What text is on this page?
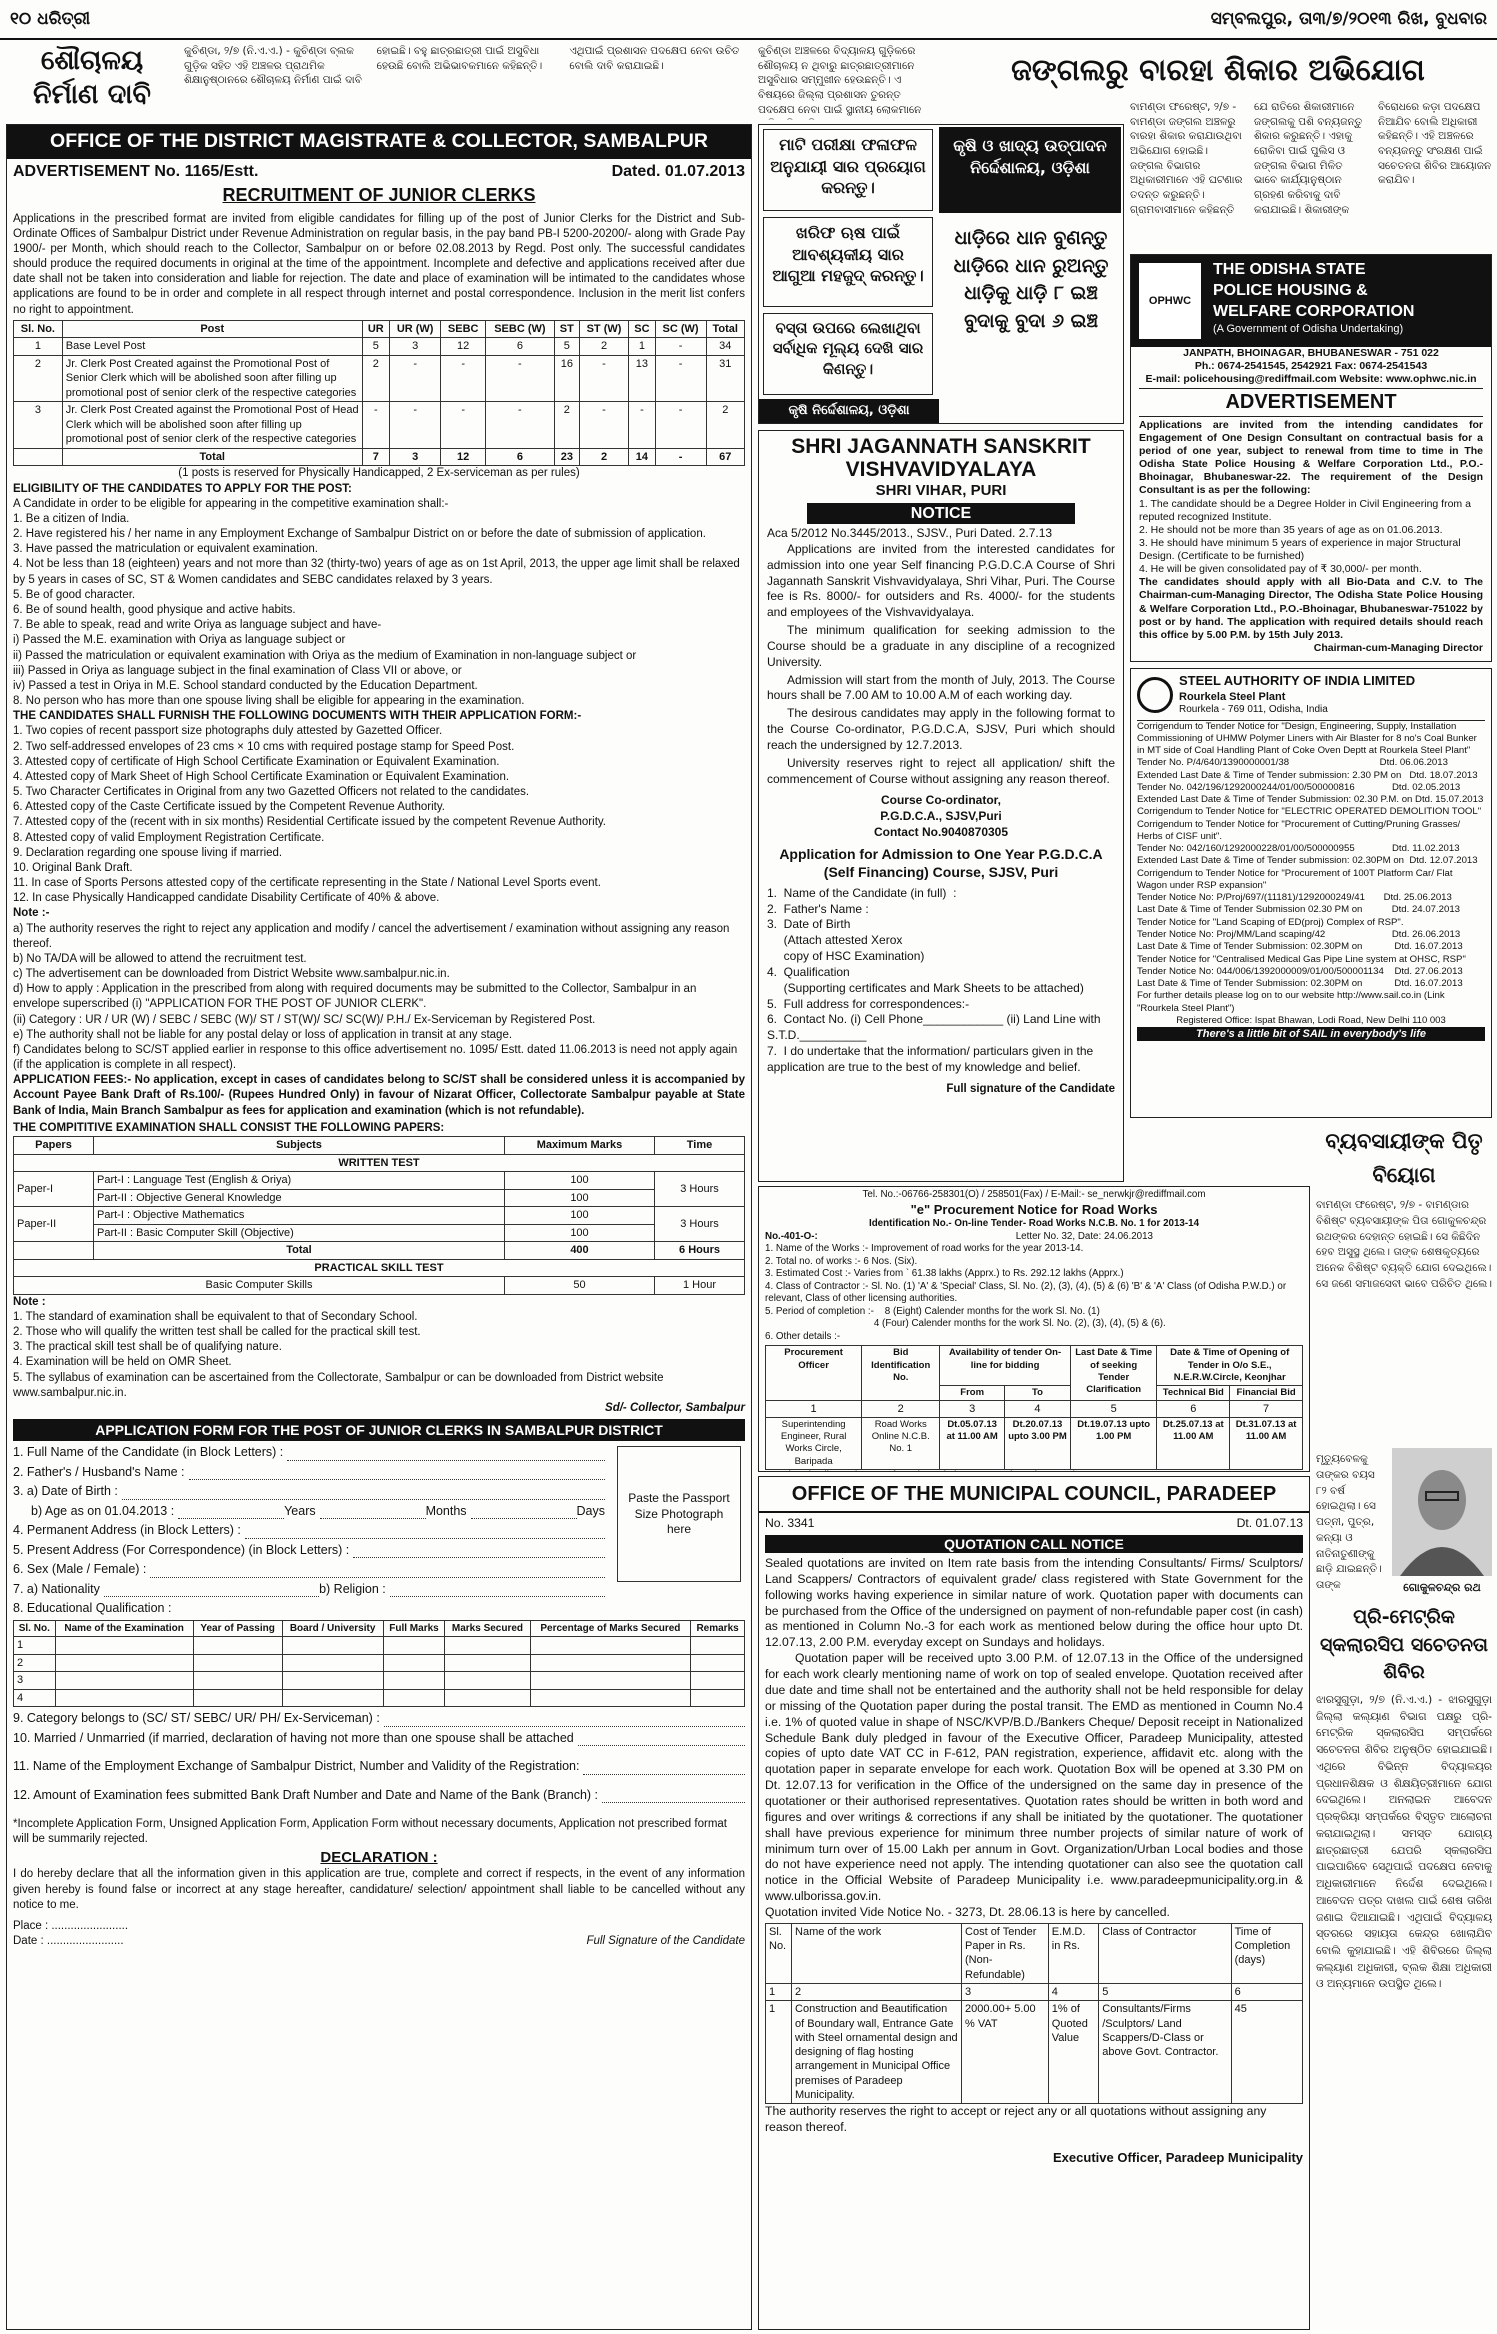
୧୦ ଧରିତ୍ରୀ	ସମ୍ବଲପୁର, ତା୩/୭/୨୦୧୩ ରିଖ, ବୁଧବାର
ଶୌଚାଳୟ
ନିର୍ମାଣ ଦାବି
କୁଚିଣ୍ଡା, ୨/୭ (ନି.ଏ.ଏ.) - କୁଚିଣ୍ଡା ବ୍ଲକ ଗୁଡ଼ିକ ସହିତ ଏହି ଅଞ୍ଚଳର ପ୍ରାଥମିକ ଶିକ୍ଷାନୁଷ୍ଠାନରେ ଶୌଚାଳୟ ନିର୍ମାଣ ପାଇଁ ଦାବି ହୋଇଛି। ବହୁ ଛାତ୍ରଛାତ୍ରୀ ପାଇଁ ଅସୁବିଧା ହେଉଛି ବୋଲି ଅଭିଭାବକମାନେ କହିଛନ୍ତି। ଏଥିପାଇଁ ପ୍ରଶାସନ ପଦକ୍ଷେପ ନେବା ଉଚିତ ବୋଲି ଦାବି କରାଯାଇଛି।
OFFICE OF THE DISTRICT MAGISTRATE & COLLECTOR, SAMBALPUR
ADVERTISEMENT No. 1165/Estt.	Dated. 01.07.2013
RECRUITMENT OF JUNIOR CLERKS
Applications in the prescribed format are invited from eligible candidates for filling up of the post of Junior Clerks for the District and Sub-Ordinate Offices of Sambalpur District under Revenue Administration on regular basis, in the pay band PB-I 5200-20200/- along with Grade Pay 1900/- per Month, which should reach to the Collector, Sambalpur on or before 02.08.2013 by Regd. Post only. The successful candidates should produce the required documents in original at the time of the appointment. Incomplete and defective and applications received after due date shall not be taken into consideration and liable for rejection. The date and place of examination will be intimated to the candidates whose applications are found to be in order and complete in all respect through internet and postal correspondence. Inclusion in the merit list confers no right to appointment.
Sl. No.	Post	UR	UR (W)	SEBC	SEBC (W)	ST	ST (W)	SC	SC (W)	Total
1	Base Level Post	5	3	12	6	5	2	1	-	34
2	Jr. Clerk Post Created against the Promotional Post of Senior Clerk which will be abolished soon after filling up promotional post of senior clerk of the respective categories	2	-	-	-	16	-	13	-	31
3	Jr. Clerk Post Created against the Promotional Post of Head Clerk which will be abolished soon after filling up promotional post of senior clerk of the respective categories	-	-	-	-	2	-	-	-	2
	Total	7	3	12	6	23	2	14	-	67
(1 posts is reserved for Physically Handicapped, 2 Ex-serviceman as per rules)
ELIGIBILITY OF THE CANDIDATES TO APPLY FOR THE POST:
A Candidate in order to be eligible for appearing in the competitive examination shall:-
1. Be a citizen of India.
2. Have registered his / her name in any Employment Exchange of Sambalpur District on or before the date of submission of application.
3. Have passed the matriculation or equivalent examination.
4. Not be less than 18 (eighteen) years and not more than 32 (thirty-two) years of age as on 1st April, 2013, the upper age limit shall be relaxed by 5 years in cases of SC, ST & Women candidates and SEBC candidates relaxed by 3 years.
5. Be of good character.
6. Be of sound health, good physique and active habits.
7. Be able to speak, read and write Oriya as language subject and have-
i) Passed the M.E. examination with Oriya as language subject or
ii) Passed the matriculation or equivalent examination with Oriya as the medium of Examination in non-language subject or
iii) Passed in Oriya as language subject in the final examination of Class VII or above, or
iv) Passed a test in Oriya in M.E. School standard conducted by the Education Department.
8. No person who has more than one spouse living shall be eligible for appearing in the examination.
THE CANDIDATES SHALL FURNISH THE FOLLOWING DOCUMENTS WITH THEIR APPLICATION FORM:-
1. Two copies of recent passport size photographs duly attested by Gazetted Officer.
2. Two self-addressed envelopes of 23 cms × 10 cms with required postage stamp for Speed Post.
3. Attested copy of certificate of High School Certificate Examination or Equivalent Examination.
4. Attested copy of Mark Sheet of High School Certificate Examination or Equivalent Examination.
5. Two Character Certificates in Original from any two Gazetted Officers not related to the candidates.
6. Attested copy of the Caste Certificate issued by the Competent Revenue Authority.
7. Attested copy of the (recent with in six months) Residential Certificate issued by the competent Revenue Authority.
8. Attested copy of valid Employment Registration Certificate.
9. Declaration regarding one spouse living if married.
10. Original Bank Draft.
11. In case of Sports Persons attested copy of the certificate representing in the State / National Level Sports event.
12. In case Physically Handicapped candidate Disability Certificate of 40% & above.
Note :-
a) The authority reserves the right to reject any application and modify / cancel the advertisement / examination without assigning any reason thereof.
b) No TA/DA will be allowed to attend the recruitment test.
c) The advertisement can be downloaded from District Website www.sambalpur.nic.in.
d) How to apply : Application in the prescribed from along with required documents may be submitted to the Collector, Sambalpur in an envelope superscribed (i) "APPLICATION FOR THE POST OF JUNIOR CLERK".
(ii) Category : UR / UR (W) / SEBC / SEBC (W)/ ST / ST(W)/ SC/ SC(W)/ P.H./ Ex-Serviceman by Registered Post.
e) The authority shall not be liable for any postal delay or loss of application in transit at any stage.
f) Candidates belong to SC/ST applied earlier in response to this office advertisement no. 1095/ Estt. dated 11.06.2013 is need not apply again (if the application is complete in all respect).
APPLICATION FEES:- No application, except in cases of candidates belong to SC/ST shall be considered unless it is accompanied by Account Payee Bank Draft of Rs.100/- (Rupees Hundred Only) in favour of Nizarat Officer, Collectorate Sambalpur payable at State Bank of India, Main Branch Sambalpur as fees for application and examination (which is not refundable).
THE COMPITITIVE EXAMINATION SHALL CONSIST THE FOLLOWING PAPERS:
Papers	Subjects	Maximum Marks	Time
WRITTEN TEST			
Paper-I	Part-I : Language Test (English & Oriya)	100	3 Hours
	Part-II : Objective General Knowledge	100	
Paper-II	Part-I : Objective Mathematics	100	3 Hours
	Part-II : Basic Computer Skill (Objective)	100	
	Total	400	6 Hours
PRACTICAL SKILL TEST			
Basic Computer Skills		50	1 Hour
Note :
1. The standard of examination shall be equivalent to that of Secondary School.
2. Those who will qualify the written test shall be called for the practical skill test.
3. The practical skill test shall be of qualifying nature.
4. Examination will be held on OMR Sheet.
5. The syllabus of examination can be ascertained from the Collectorate, Sambalpur or can be downloaded from District website www.sambalpur.nic.in.
Sd/- Collector, Sambalpur
APPLICATION FORM FOR THE POST OF JUNIOR CLERKS IN SAMBALPUR DISTRICT
1. Full Name of the Candidate (in Block Letters) :
2. Father's / Husband's Name :
3. a) Date of Birth :
b) Age as on 01.04.2013 :	Years	Months	Days
4. Permanent Address (in Block Letters) :
5. Present Address (For Correspondence) (in Block Letters) :
6. Sex (Male / Female) :
7. a) Nationality	b) Religion :
8. Educational Qualification :
Paste the Passport Size Photograph here
Sl. No.	Name of the Examination	Year of Passing	Board / University	Full Marks	Marks Secured	Percentage of Marks Secured	Remarks
1							
2							
3							
4							
9. Category belongs to (SC/ ST/ SEBC/ UR/ PH/ Ex-Serviceman) :
10. Married / Unmarried (if married, declaration of having not more than one spouse shall be attached
11. Name of the Employment Exchange of Sambalpur District, Number and Validity of the Registration:
12. Amount of Examination fees submitted Bank Draft Number and Date and Name of the Bank (Branch) :
*Incomplete Application Form, Unsigned Application Form, Application Form without necessary documents, Application not prescribed format will be summarily rejected.
DECLARATION :
I do hereby declare that all the information given in this application are true, complete and correct if respects, in the event of any information given hereby is found false or incorrect at any stage hereafter, candidature/ selection/ appointment shall liable to be cancelled without any notice to me.
Place : ........................
Date : ........................	Full Signature of the Candidate
କୁଚିଣ୍ଡା ଅଞ୍ଚଳରେ ବିଦ୍ୟାଳୟ ଗୁଡ଼ିକରେ ଶୌଚାଳୟ ନ ଥିବାରୁ ଛାତ୍ରଛାତ୍ରୀମାନେ ଅସୁବିଧାର ସମ୍ମୁଖୀନ ହେଉଛନ୍ତି। ଏ ବିଷୟରେ ଜିଲ୍ଲା ପ୍ରଶାସନ ତୁରନ୍ତ ପଦକ୍ଷେପ ନେବା ପାଇଁ ସ୍ଥାନୀୟ ଲୋକମାନେ
ମାଟି ପରୀକ୍ଷା ଫଳାଫଳ ଅନୁଯାୟୀ ସାର ପ୍ରୟୋଗ କରନ୍ତୁ।
ଖରିଫ ଋଷ ପାଇଁ ଆବଶ୍ୟକୀୟ ସାର ଆଗୁଆ ମହଜୁଦ୍ କରନ୍ତୁ।
ବସ୍ତା ଉପରେ ଲେଖାଥିବା ସର୍ବାଧିକ ମୂଲ୍ୟ ଦେଖି ସାର କିଣନ୍ତୁ।
କୃଷି ନିର୍ଦ୍ଦେଶାଳୟ, ଓଡ଼ିଶା
କୃଷି ଓ ଖାଦ୍ୟ ଉତ୍ପାଦନ ନିର୍ଦ୍ଦେଶାଳୟ, ଓଡ଼ିଶା
ଧାଡ଼ିରେ ଧାନ ବୁଣନ୍ତୁ ଧାଡ଼ିରେ ଧାନ ରୁଅନ୍ତୁ ଧାଡ଼ିକୁ ଧାଡ଼ି ୮ ଇଞ୍ଚ ବୁଦାକୁ ବୁଦା ୬ ଇଞ୍ଚ
ଜଙ୍ଗଲରୁ ବାରହା ଶିକାର ଅଭିଯୋଗ
ବାମଣ୍ଡା ଫରେଷ୍ଟ, ୨/୭ - ବାମଣ୍ଡା ଜଙ୍ଗଲ ଅଞ୍ଚଳରୁ ବାରହା ଶିକାର କରାଯାଉଥିବା ଅଭିଯୋଗ ହୋଇଛି। ଜଙ୍ଗଲ ବିଭାଗର ଅଧିକାରୀମାନେ ଏହି ଘଟଣାର ତଦନ୍ତ କରୁଛନ୍ତି। ଗ୍ରାମବାସୀମାନେ କହିଛନ୍ତି ଯେ ରାତିରେ ଶିକାରୀମାନେ ଜଙ୍ଗଲକୁ ପଶି ବନ୍ୟଜନ୍ତୁ ଶିକାର କରୁଛନ୍ତି। ଏହାକୁ ରୋକିବା ପାଇଁ ପୁଲିସ ଓ ଜଙ୍ଗଲ ବିଭାଗ ମିଳିତ ଭାବେ କାର୍ଯ୍ୟାନୁଷ୍ଠାନ ଗ୍ରହଣ କରିବାକୁ ଦାବି କରାଯାଇଛି। ଶିକାରୀଙ୍କ ବିରୋଧରେ କଡ଼ା ପଦକ୍ଷେପ ନିଆଯିବ ବୋଲି ଅଧିକାରୀ କହିଛନ୍ତି। ଏହି ଅଞ୍ଚଳରେ ବନ୍ୟଜନ୍ତୁ ସଂରକ୍ଷଣ ପାଇଁ ସଚେତନତା ଶିବିର ଆୟୋଜନ କରାଯିବ।
SHRI JAGANNATH SANSKRIT
VISHVAVIDYALAYA
SHRI VIHAR, PURI
NOTICE
Aca 5/2012 No.3445/2013., SJSV., Puri Dated. 2.7.13
Applications are invited from the interested candidates for admission into one year Self financing P.G.D.C.A Course of Shri Jagannath Sanskrit Vishvavidyalaya, Shri Vihar, Puri. The Course fee is Rs. 8000/- for outsiders and Rs. 4000/- for the students and employees of the Vishvavidyalaya.
The minimum qualification for seeking admission to the Course should be a graduate in any discipline of a recognized University.
Admission will start from the month of July, 2013. The Course hours shall be 7.00 AM to 10.00 A.M of each working day.
The desirous candidates may apply in the following format to the Course Co-ordinator, P.G.D.C.A, SJSV, Puri which should reach the undersigned by 12.7.2013.
University reserves right to reject all application/ shift the commencement of Course without assigning any reason thereof.
Course Co-ordinator,
P.G.D.C.A., SJSV,Puri
Contact No.9040870305
Application for Admission to One Year P.G.D.C.A (Self Financing) Course, SJSV, Puri
1.  Name of the Candidate (in full)  :
2.  Father's Name :
3.  Date of Birth
(Attach attested Xerox
copy of HSC Examination)
4.  Qualification
(Supporting certificates and Mark Sheets to be attached)
5.  Full address for correspondences:-
6.  Contact No. (i) Cell Phone____________ (ii) Land Line with S.T.D.__________
7.  I do undertake that the information/ particulars given in the application are true to the best of my knowledge and belief.
Full signature of the Candidate
OPHWC
THE ODISHA STATE
POLICE HOUSING &
WELFARE CORPORATION
(A Government of Odisha Undertaking)
JANPATH, BHOINAGAR, BHUBANESWAR - 751 022
Ph.: 0674-2541545, 2542921 Fax: 0674-2541543
E-mail: policehousing@rediffmail.com Website: www.ophwc.nic.in
ADVERTISEMENT
Applications are invited from the intending candidates for Engagement of One Design Consultant on contractual basis for a period of one year, subject to renewal from time to time in The Odisha State Police Housing & Welfare Corporation Ltd., P.O.-Bhoinagar, Bhubaneswar-22. The requirement of the Design Consultant is as per the following:
1. The candidate should be a Degree Holder in Civil Engineering from a reputed recognized Institute.
2. He should not be more than 35 years of age as on 01.06.2013.
3. He should have minimum 5 years of experience in major Structural Design. (Certificate to be furnished)
4. He will be given consolidated pay of ₹ 30,000/- per month.
The candidates should apply with all Bio-Data and C.V. to The Chairman-cum-Managing Director, The Odisha State Police Housing & Welfare Corporation Ltd., P.O.-Bhoinagar, Bhubaneswar-751022 by post or by hand. The application with required details should reach this office by 5.00 P.M. by 15th July 2013.
Chairman-cum-Managing Director
STEEL AUTHORITY OF INDIA LIMITED
Rourkela Steel Plant
Rourkela - 769 011, Odisha, India
Corrigendum to Tender Notice for "Design, Engineering, Supply, Installation Commissioning of UHMW Polymer Liners with Air Blaster for 8 no's Coal Bunker in MT side of Coal Handling Plant of Coke Oven Deptt at Rourkela Steel Plant"
Tender No. P/4/640/1390000001/38                                  Dtd. 06.06.2013
Extended Last Date & Time of Tender submission: 2.30 PM on   Dtd. 18.07.2013
Tender No. 042/196/1292000244/01/00/500000816              Dtd. 02.05.2013
Extended Last Date & Time of Tender Submission: 02.30 P.M. on Dtd. 15.07.2013
Corrigendum to Tender Notice for "ELECTRIC OPERATED DEMOLITION TOOL"
Corrigendum to Tender Notice for "Procurement of Cutting/Pruning Grasses/ Herbs of CISF unit".
Tender No: 042/160/1292000228/01/00/500000955              Dtd. 11.02.2013
Extended Last Date & Time of Tender submission: 02.30PM on  Dtd. 12.07.2013
Corrigendum to Tender Notice for "Procurement of 100T Platform Car/ Flat Wagon under RSP expansion"
Tender Notice No: P/Proj/697/(11181)/1292000249/41       Dtd. 25.06.2013
Last Date & Time of Tender Submission 02.30 PM on           Dtd. 24.07.2013
Tender Notice for "Land Scaping of ED(proj) Complex of RSP".
Tender Notice No: Proj/MM/Land scaping/42                         Dtd. 26.06.2013
Last Date & Time of Tender Submission: 02.30PM on            Dtd. 16.07.2013
Tender Notice for "Centralised Medical Gas Pipe Line system at OHSC, RSP"
Tender Notice No: 044/006/1392000009/01/00/500001134    Dtd. 27.06.2013
Last Date & Time of Tender Submission: 02.30PM on            Dtd. 16.07.2013
For further details please log on to our website http://www.sail.co.in (Link "Rourkela Steel Plant")
Registered Office: Ispat Bhawan, Lodi Road, New Delhi 110 003
There's a little bit of SAIL in everybody's life
Tel. No.:-06766-258301(O) / 258501(Fax) / E-Mail:- se_nerwkjr@rediffmail.com
"e" Procurement Notice for Road Works
Identification No.- On-line Tender- Road Works N.C.B. No. 1 for 2013-14
No.-401-O-:	Letter No. 32, Date: 24.06.2013
1. Name of the Works :- Improvement of road works for the year 2013-14.
2. Total no. of works :- 6 Nos. (Six).
3. Estimated Cost :- Varies from ` 61.38 lakhs (Apprx.) to Rs. 292.12 lakhs (Apprx.)
4. Class of Contractor :- Sl. No. (1) 'A' & 'Special' Class, Sl. No. (2), (3), (4), (5) & (6) 'B' & 'A' Class (of Odisha P.W.D.) or relevant, Class of other licensing authorities.
5. Period of completion :-    8 (Eight) Calender months for the work Sl. No. (1)
4 (Four) Calender months for the work Sl. No. (2), (3), (4), (5) & (6).
6. Other details :-
Procurement Officer	Bid Identification No.	Availability of tender On-line for bidding		Last Date & Time of seeking Tender Clarification	Date & Time of Opening of Tender in O/o S.E., N.E.R.W.Circle, Keonjhar	
		From	To		Technical Bid	Financial Bid
1	2	3	4	5	6	7
Superintending Engineer, Rural Works Circle, Baripada	Road Works Online N.C.B. No. 1	Dt.05.07.13 at 11.00 AM	Dt.20.07.13 upto 3.00 PM	Dt.19.07.13 upto 1.00 PM	Dt.25.07.13 at 11.00 AM	Dt.31.07.13 at 11.00 AM
OFFICE OF THE MUNICIPAL COUNCIL, PARADEEP
No. 3341	Dt. 01.07.13
QUOTATION CALL NOTICE
Sealed quotations are invited on Item rate basis from the intending Consultants/ Firms/ Sculptors/ Land Scappers/ Contractors of equivalent grade/ class registered with State Government for the following works having experience in similar nature of work. Quotation paper with documents can be purchased from the Office of the undersigned on payment of non-refundable paper cost (in cash) as mentioned in Column No.-3 for each work as mentioned below during the office hour upto Dt. 12.07.13, 2.00 P.M. everyday except on Sundays and holidays.
Quotation paper will be received upto 3.00 P.M. of 12.07.13 in the Office of the undersigned for each work clearly mentioning name of work on top of sealed envelope. Quotation received after due date and time shall not be entertained and the authority shall not be held responsible for delay or missing of the Quotation paper during the postal transit. The EMD as mentioned in Coumn No.4 i.e. 1% of quoted value in shape of NSC/KVP/B.D./Bankers Cheque/ Deposit receipt in Nationalized Schedule Bank duly pledged in favour of the Executive Officer, Paradeep Municipality, attested copies of upto date VAT CC in F-612, PAN registration, experience, affidavit etc. along with the quotation paper in separate envelope for each work. Quotation Box will be opened at 3.30 PM on Dt. 12.07.13 for verification in the Office of the undersigned on the same day in presence of the quotationer or their authorised representatives. Quotation rates should be written in both word and figures and over writings & corrections if any shall be initiated by the quotationer. The quotationer shall have previous experience for minimum three number projects of similar nature of work of minimum turn over of 15.00 Lakh per annum in Govt. Organization/Urban Local bodies and those do not have experience need not apply. The intending quotationer can also see the quotation call notice in the Official Website of Paradeep Municipality i.e. www.paradeepmunicipality.org.in & www.ulborissa.gov.in.
Quotation invited Vide Notice No. - 3273, Dt. 28.06.13 is here by cancelled.
Sl. No.	Name of the work	Cost of Tender Paper in Rs. (Non-Refundable)	E.M.D. in Rs.	Class of Contractor	Time of Completion (days)
1	2	3	4	5	6
1	Construction and Beautification of Boundary wall, Entrance Gate with Steel ornamental design and designing of flag hosting arrangement in Municipal Office premises of Paradeep Municipality.	2000.00+ 5.00 % VAT	1% of Quoted Value	Consultants/Firms /Sculptors/ Land Scappers/D-Class or above Govt. Contractor.	45
The authority reserves the right to accept or reject any or all quotations without assigning any reason thereof.
Executive Officer, Paradeep Municipality
ବ୍ୟବସାୟୀଙ୍କ ପିତୃ ବିୟୋଗ
ବାମଣ୍ଡା ଫରେଷ୍ଟ, ୨/୭ - ବାମଣ୍ଡାର ବିଶିଷ୍ଟ ବ୍ୟବସାୟୀଙ୍କ ପିତା ଗୋକୁଳଚନ୍ଦ୍ର ରଥଙ୍କର ଦେହାନ୍ତ ହୋଇଛି। ସେ କିଛିଦିନ ହେବ ଅସୁସ୍ଥ ଥିଲେ। ତାଙ୍କ ଶେଷକୃତ୍ୟରେ ଅନେକ ବିଶିଷ୍ଟ ବ୍ୟକ୍ତି ଯୋଗ ଦେଇଥିଲେ। ସେ ଜଣେ ସମାଜସେବୀ ଭାବେ ପରିଚିତ ଥିଲେ।
ଗୋକୁଳଚନ୍ଦ୍ର ରଥ
ମୃତ୍ୟୁବେଳକୁ ତାଙ୍କର ବୟସ ୮୨ ବର୍ଷ ହୋଇଥିଲା। ସେ ପତ୍ନୀ, ପୁତ୍ର, କନ୍ୟା ଓ ନାତିନାତୁଣୀଙ୍କୁ ଛାଡ଼ି ଯାଇଛନ୍ତି। ତାଙ୍କ
ପ୍ରି-ମେଟ୍ରିକ ସ୍କଲାରସିପ ସଚେତନତା ଶିବିର
ଝାରସୁଗୁଡ଼ା, ୨/୭ (ନି.ଏ.ଏ.) - ଝାରସୁଗୁଡ଼ା ଜିଲ୍ଲା କଲ୍ୟାଣ ବିଭାଗ ପକ୍ଷରୁ ପ୍ରି-ମେଟ୍ରିକ ସ୍କଲାରସିପ ସମ୍ପର୍କରେ ସଚେତନତା ଶିବିର ଅନୁଷ୍ଠିତ ହୋଇଯାଇଛି। ଏଥିରେ ବିଭିନ୍ନ ବିଦ୍ୟାଳୟର ପ୍ରଧାନଶିକ୍ଷକ ଓ ଶିକ୍ଷୟିତ୍ରୀମାନେ ଯୋଗ ଦେଇଥିଲେ। ଅନଲାଇନ ଆବେଦନ ପ୍ରକ୍ରିୟା ସମ୍ପର୍କରେ ବିସ୍ତୃତ ଆଲୋଚନା କରାଯାଇଥିଲା। ସମସ୍ତ ଯୋଗ୍ୟ ଛାତ୍ରଛାତ୍ରୀ ଯେପରି ସ୍କଲାରସିପ ପାଇପାରିବେ ସେଥିପାଇଁ ପଦକ୍ଷେପ ନେବାକୁ ଅଧିକାରୀମାନେ ନିର୍ଦ୍ଦେଶ ଦେଇଥିଲେ। ଆବେଦନ ପତ୍ର ଦାଖଲ ପାଇଁ ଶେଷ ତାରିଖ ଜଣାଇ ଦିଆଯାଇଛି। ଏଥିପାଇଁ ବିଦ୍ୟାଳୟ ସ୍ତରରେ ସହାୟତା କେନ୍ଦ୍ର ଖୋଲାଯିବ ବୋଲି କୁହାଯାଇଛି। ଏହି ଶିବିରରେ ଜିଲ୍ଲା କଲ୍ୟାଣ ଅଧିକାରୀ, ବ୍ଲକ ଶିକ୍ଷା ଅଧିକାରୀ ଓ ଅନ୍ୟମାନେ ଉପସ୍ଥିତ ଥିଲେ।
